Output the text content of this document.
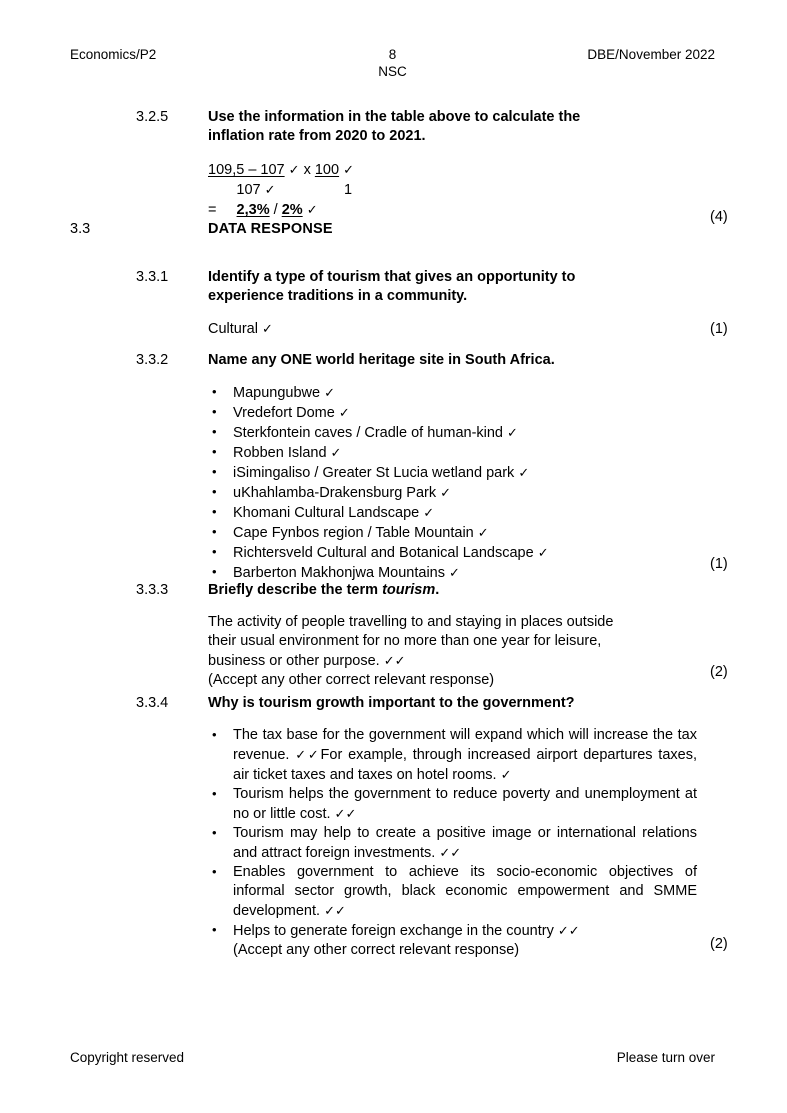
Economics/P2	8
NSC
DBE/November 2022
3.2.5	Use the information in the table above to calculate the
inflation rate from 2020 to 2021.
109,5 – 107 ✓ x 100 ✓
107 ✓	1
= 2,3% / 2% ✓	(4)
3.3	DATA RESPONSE
3.3.1	Identify a type of tourism that gives an opportunity to
experience traditions in a community.
Cultural ✓	(1)
3.3.2	Name any ONE world heritage site in South Africa.
• Mapungubwe ✓
• Vredefort Dome ✓
• Sterkfontein caves / Cradle of human-kind ✓
• Robben Island ✓
• iSimingaliso / Greater St Lucia wetland park ✓
• uKhahlamba-Drakensburg Park ✓
• Khomani Cultural Landscape ✓
• Cape Fynbos region / Table Mountain ✓
• Richtersveld Cultural and Botanical Landscape ✓
• Barberton Makhonjwa Mountains ✓
(1)
3.3.3	Briefly describe the term tourism.
The activity of people travelling to and staying in places outside
their usual environment for no more than one year for leisure,
business or other purpose. ✓✓
(Accept any other correct relevant response)	(2)
3.3.4	Why is tourism growth important to the government?
• The tax base for the government will expand which will increase the tax revenue. ✓✓For example, through increased airport departures taxes, air ticket taxes and taxes on hotel rooms. ✓
• Tourism helps the government to reduce poverty and unemployment at no or little cost. ✓✓
• Tourism may help to create a positive image or international relations and attract foreign investments. ✓✓
• Enables government to achieve its socio-economic objectives of informal sector growth, black economic empowerment and SMME development. ✓✓
• Helps to generate foreign exchange in the country ✓✓
(Accept any other correct relevant response)	(2)
Copyright reserved	Please turn over
